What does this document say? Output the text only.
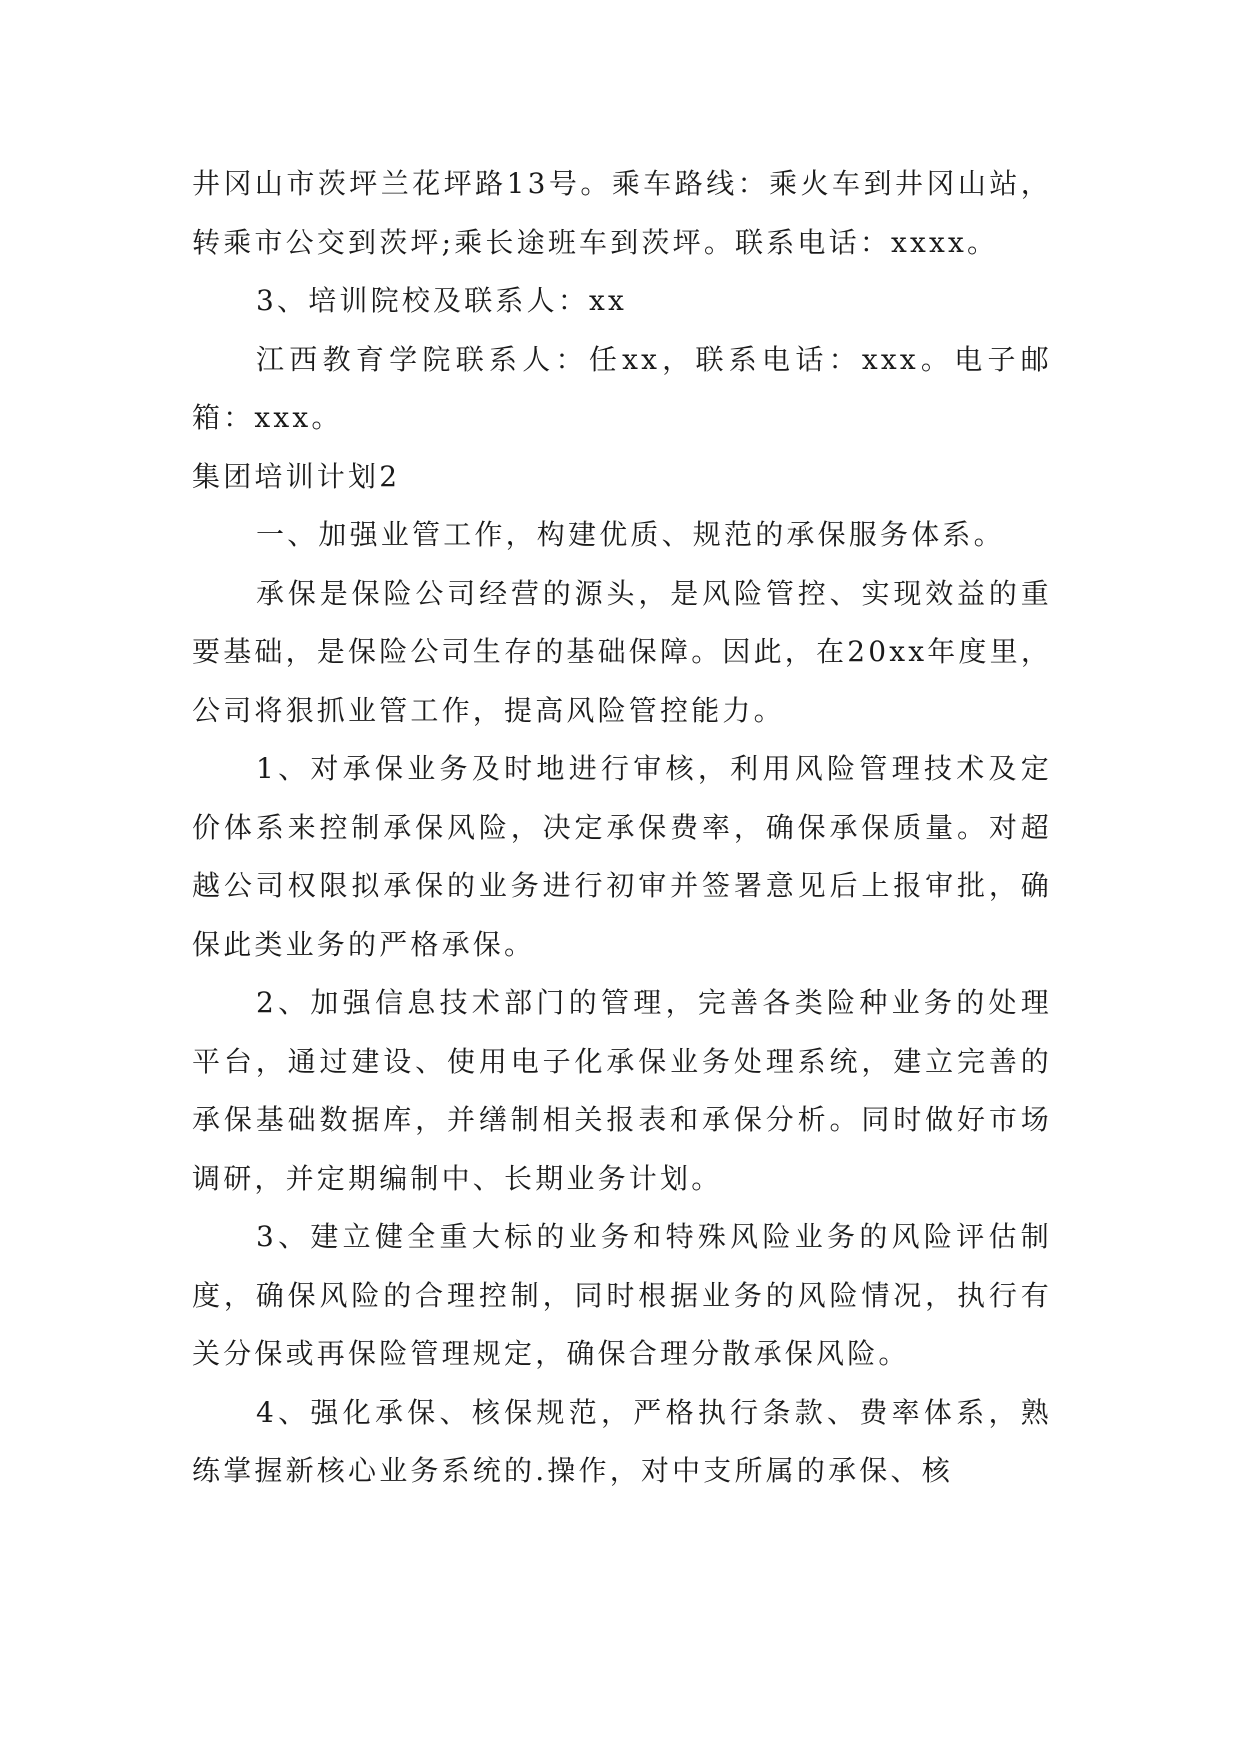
井冈山市茨坪兰花坪路13号。乘车路线：乘火车到井冈山站，转乘市公交到茨坪;乘长途班车到茨坪。联系电话：xxxx。

3、培训院校及联系人：xx

江西教育学院联系人：任xx，联系电话：xxx。电子邮箱：xxx。

集团培训计划2

一、加强业管工作，构建优质、规范的承保服务体系。

承保是保险公司经营的源头，是风险管控、实现效益的重要基础，是保险公司生存的基础保障。因此，在20xx年度里，公司将狠抓业管工作，提高风险管控能力。

1、对承保业务及时地进行审核，利用风险管理技术及定价体系来控制承保风险，决定承保费率，确保承保质量。对超越公司权限拟承保的业务进行初审并签署意见后上报审批，确保此类业务的严格承保。

2、加强信息技术部门的管理，完善各类险种业务的处理平台，通过建设、使用电子化承保业务处理系统，建立完善的承保基础数据库，并缮制相关报表和承保分析。同时做好市场调研，并定期编制中、长期业务计划。

3、建立健全重大标的业务和特殊风险业务的风险评估制度，确保风险的合理控制，同时根据业务的风险情况，执行有关分保或再保险管理规定，确保合理分散承保风险。

4、强化承保、核保规范，严格执行条款、费率体系，熟练掌握新核心业务系统的.操作，对中支所属的承保、核
